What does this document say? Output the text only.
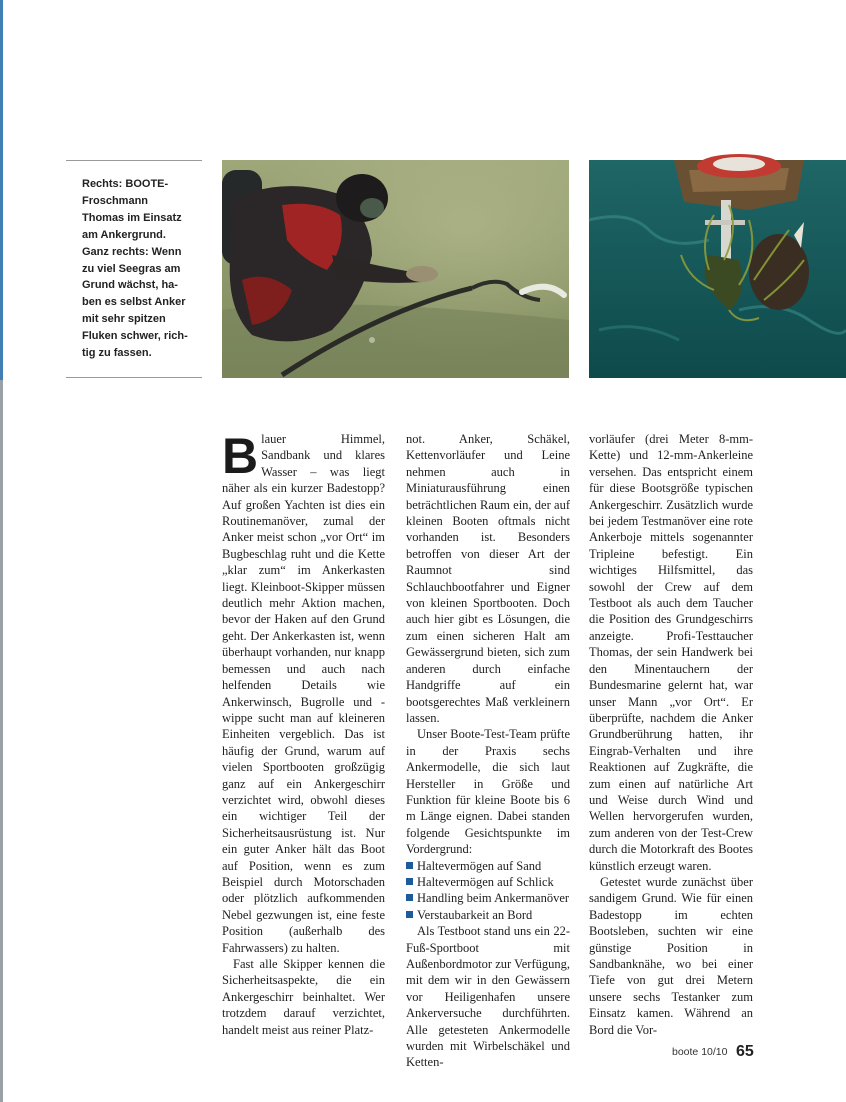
Rechts: BOOTE-
Froschmann
Thomas im Einsatz
am Ankergrund.
Ganz rechts: Wenn
zu viel Seegras am
Grund wächst, ha-
ben es selbst Anker
mit sehr spitzen
Fluken schwer, rich-
tig zu fassen.

Blauer Himmel, Sandbank und klares Wasser – was liegt näher als ein kurzer Badestopp? Auf großen Yachten ist dies ein Routinemanöver, zumal der Anker meist schon „vor Ort“ im Bugbeschlag ruht und die Kette „klar zum“ im Ankerkasten liegt. Kleinboot-Skipper müssen deutlich mehr Aktion machen, bevor der Haken auf den Grund geht. Der Ankerkasten ist, wenn überhaupt vorhanden, nur knapp bemessen und auch nach helfenden Details wie Ankerwinsch, Bugrolle und -wippe sucht man auf kleineren Einheiten vergeblich. Das ist häufig der Grund, warum auf vielen Sportbooten großzügig ganz auf ein Ankergeschirr verzichtet wird, obwohl dieses ein wichtiger Teil der Sicherheitsausrüstung ist. Nur ein guter Anker hält das Boot auf Position, wenn es zum Beispiel durch Motorschaden oder plötzlich aufkommenden Nebel gezwungen ist, eine feste Position (außerhalb des Fahrwassers) zu halten.

Fast alle Skipper kennen die Sicherheitsaspekte, die ein Ankergeschirr beinhaltet. Wer trotzdem darauf verzichtet, handelt meist aus reiner Platz-

not. Anker, Schäkel, Kettenvorläufer und Leine nehmen auch in Miniaturausführung einen beträchtlichen Raum ein, der auf kleinen Booten oftmals nicht vorhanden ist. Besonders betroffen von dieser Art der Raumnot sind Schlauchbootfahrer und Eigner von kleinen Sportbooten. Doch auch hier gibt es Lösungen, die zum einen sicheren Halt am Gewässergrund bieten, sich zum anderen durch einfache Handgriffe auf ein bootsgerechtes Maß verkleinern lassen.

Unser Boote-Test-Team prüfte in der Praxis sechs Ankermodelle, die sich laut Hersteller in Größe und Funktion für kleine Boote bis 6 m Länge eignen. Dabei standen folgende Gesichtspunkte im Vordergrund:

Haltevermögen auf Sand
Haltevermögen auf Schlick
Handling beim Ankermanöver
Verstaubarkeit an Bord

Als Testboot stand uns ein 22-Fuß-Sportboot mit Außenbordmotor zur Verfügung, mit dem wir in den Gewässern vor Heiligenhafen unsere Ankerversuche durchführten. Alle getesteten Ankermodelle wurden mit Wirbelschäkel und Ketten-

vorläufer (drei Meter 8-mm-Kette) und 12-mm-Ankerleine versehen. Das entspricht einem für diese Bootsgröße typischen Ankergeschirr. Zusätzlich wurde bei jedem Testmanöver eine rote Ankerboje mittels sogenannter Tripleine befestigt. Ein wichtiges Hilfsmittel, das sowohl der Crew auf dem Testboot als auch dem Taucher die Position des Grundgeschirrs anzeigte. Profi-Testtaucher Thomas, der sein Handwerk bei den Minentauchern der Bundesmarine gelernt hat, war unser Mann „vor Ort“. Er überprüfte, nachdem die Anker Grundberührung hatten, ihr Eingrab-Verhalten und ihre Reaktionen auf Zugkräfte, die zum einen auf natürliche Art und Weise durch Wind und Wellen hervorgerufen wurden, zum anderen von der Test-Crew durch die Motorkraft des Bootes künstlich erzeugt waren.

Getestet wurde zunächst über sandigem Grund. Wie für einen Badestopp im echten Bootsleben, suchten wir eine günstige Position in Sandbanknähe, wo bei einer Tiefe von gut drei Metern unsere sechs Testanker zum Einsatz kamen. Während an Bord die Vor-

boote 10/10 65
